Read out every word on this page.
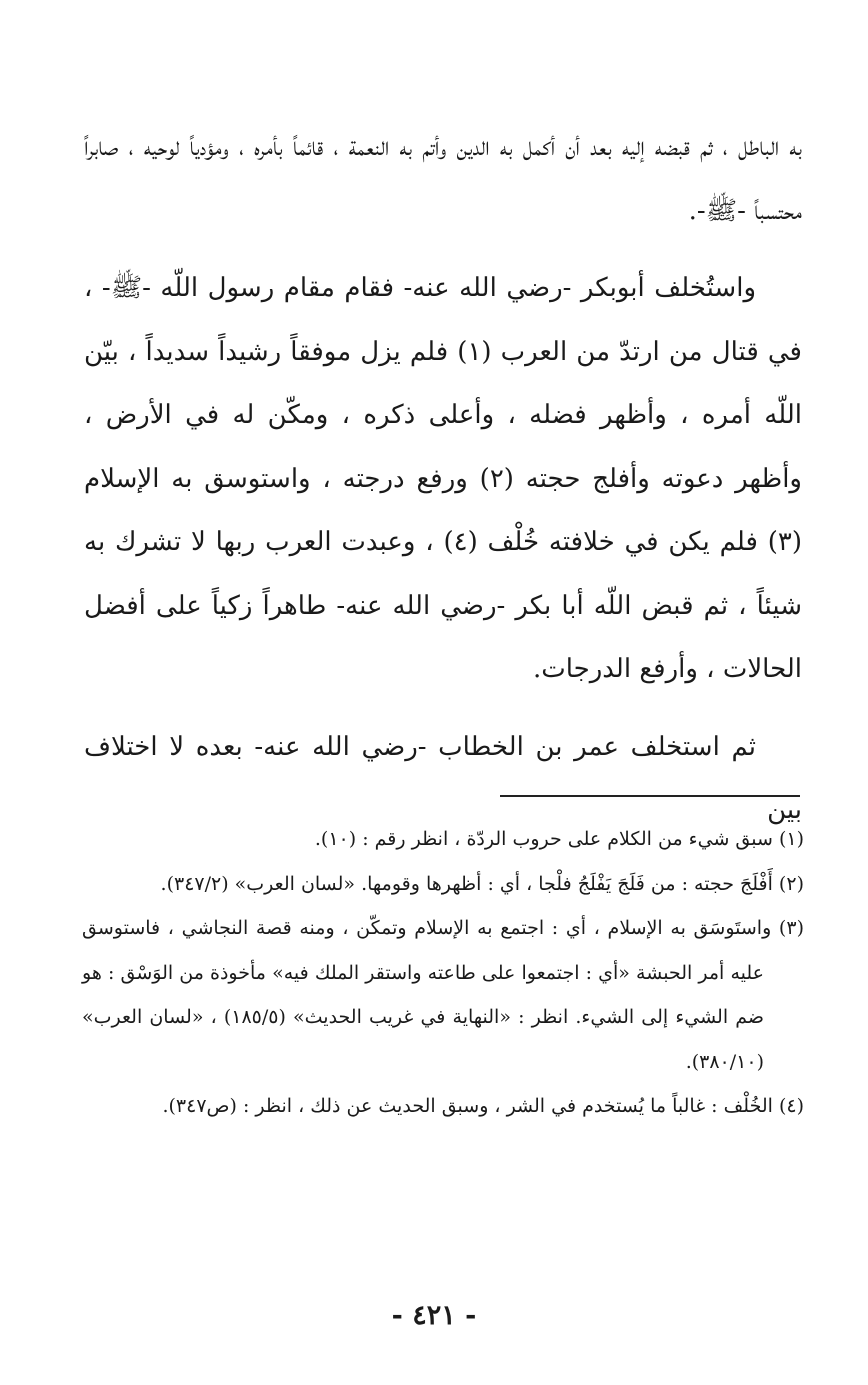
به الباطل ، ثم قبضه إليه بعد أن أكمل به الدين وأتم به النعمة ، قائماً بأمره ، ومؤدياً لوحيه ، صابراً محتسباً -ﷺ-.

واستُخلف أبوبكر -رضي الله عنه- فقام مقام رسول اللّه -ﷺ- ، في قتال من ارتدّ من العرب (١) فلم يزل موفقاً رشيداً سديداً ، بيّن اللّه أمره ، وأظهر فضله ، وأعلى ذكره ، ومكّن له في الأرض ، وأظهر دعوته وأفلج حجته (٢) ورفع درجته ، واستوسق به الإسلام (٣) فلم يكن في خلافته خُلْف (٤) ، وعبدت العرب ربها لا تشرك به شيئاً ، ثم قبض اللّه أبا بكر -رضي الله عنه- طاهراً زكياً على أفضل الحالات ، وأرفع الدرجات.

ثم استخلف عمر بن الخطاب -رضي الله عنه- بعده لا اختلاف بين

(١) سبق شيء من الكلام على حروب الردّة ، انظر رقم : (١٠).

(٢) أَفْلَجَ حجته : من فَلَجَ يَفْلَجُ فلْجا ، أي : أظهرها وقومها. «لسان العرب» (٣٤٧/٢).

(٣) واستَوسَق به الإسلام ، أي : اجتمع به الإسلام وتمكّن ، ومنه قصة النجاشي ، فاستوسق عليه أمر الحبشة «أي : اجتمعوا على طاعته واستقر الملك فيه» مأخوذة من الوَسْق : هو ضم الشيء إلى الشيء. انظر : «النهاية في غريب الحديث» (١٨٥/٥) ، «لسان العرب» (٣٨٠/١٠).

(٤) الخُلْف : غالباً ما يُستخدم في الشر ، وسبق الحديث عن ذلك ، انظر : (ص٣٤٧).

- ٤٢١ -
